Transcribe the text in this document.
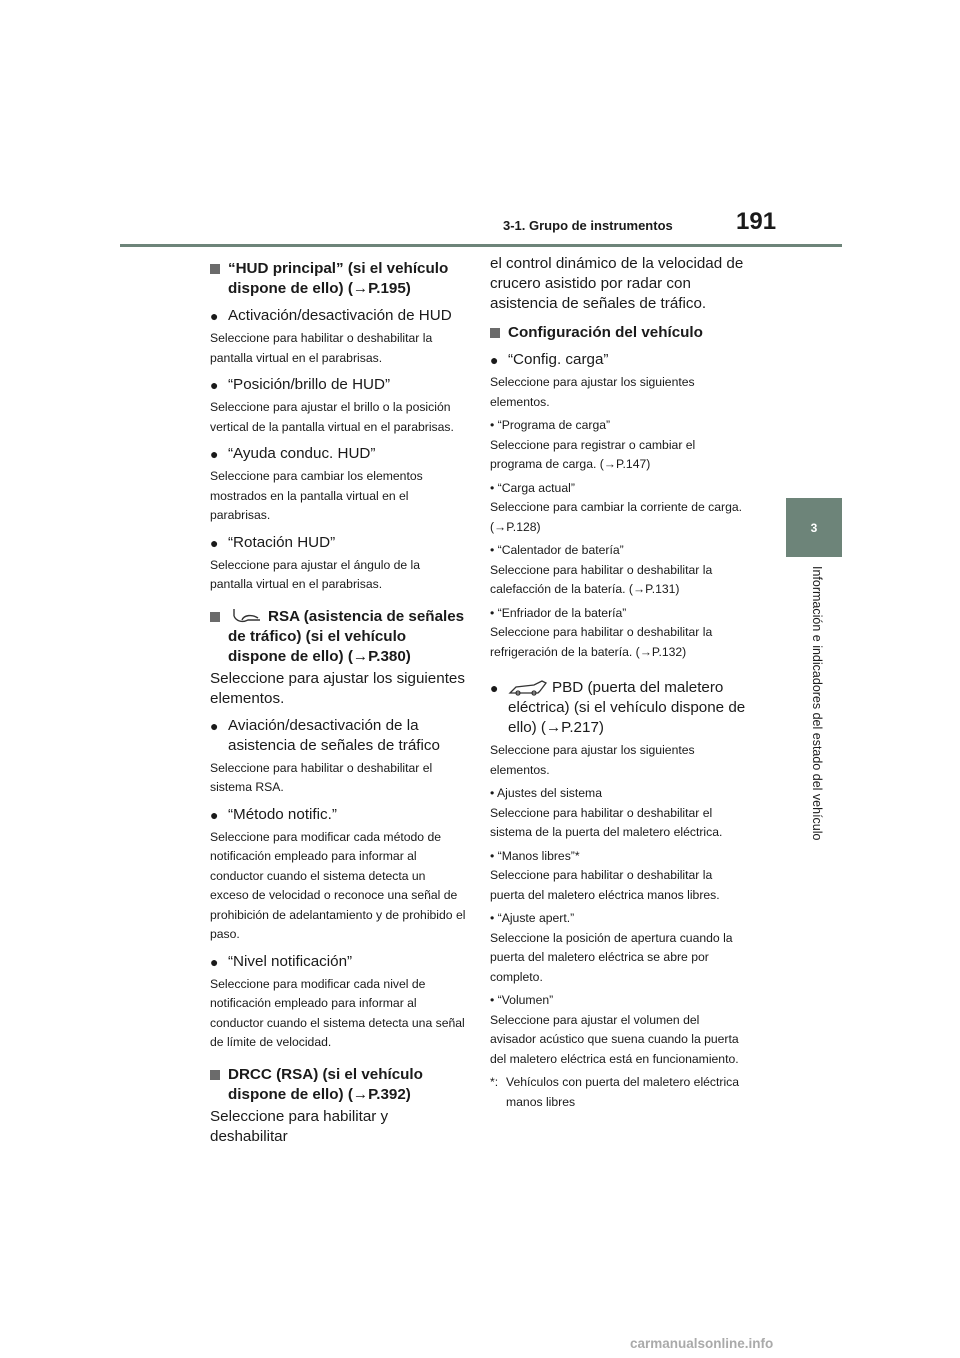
3-1. Grupo de instrumentos	191
3
Información e indicadores del estado del vehículo
“HUD principal” (si el vehículo dispone de ello) (→P.195)
● Activación/desactivación de HUD
Seleccione para habilitar o deshabilitar la pantalla virtual en el parabrisas.
● “Posición/brillo de HUD”
Seleccione para ajustar el brillo o la posición vertical de la pantalla virtual en el parabrisas.
● “Ayuda conduc. HUD”
Seleccione para cambiar los elementos mostrados en la pantalla virtual en el parabrisas.
● “Rotación HUD”
Seleccione para ajustar el ángulo de la pantalla virtual en el parabrisas.
RSA (asistencia de señales de tráfico) (si el vehículo dispone de ello) (→P.380)
Seleccione para ajustar los siguientes elementos.
● Aviación/desactivación de la asistencia de señales de tráfico
Seleccione para habilitar o deshabilitar el sistema RSA.
● “Método notific.”
Seleccione para modificar cada método de notificación empleado para informar al conductor cuando el sistema detecta un exceso de velocidad o reconoce una señal de prohibición de adelantamiento y de prohibido el paso.
● “Nivel notificación”
Seleccione para modificar cada nivel de notificación empleado para informar al conductor cuando el sistema detecta una señal de límite de velocidad.
DRCC (RSA) (si el vehículo dispone de ello) (→P.392)
Seleccione para habilitar y deshabilitar
el control dinámico de la velocidad de crucero asistido por radar con asistencia de señales de tráfico.
Configuración del vehículo
● “Config. carga”
Seleccione para ajustar los siguientes elementos.
• “Programa de carga”
Seleccione para registrar o cambiar el programa de carga. (→P.147)
• “Carga actual”
Seleccione para cambiar la corriente de carga. (→P.128)
• “Calentador de batería”
Seleccione para habilitar o deshabilitar la calefacción de la batería. (→P.131)
• “Enfriador de la batería”
Seleccione para habilitar o deshabilitar la refrigeración de la batería. (→P.132)
●	PBD (puerta del maletero eléctrica) (si el vehículo dispone de ello) (→P.217)
Seleccione para ajustar los siguientes elementos.
• Ajustes del sistema
Seleccione para habilitar o deshabilitar el sistema de la puerta del maletero eléctrica.
• “Manos libres”*
Seleccione para habilitar o deshabilitar la puerta del maletero eléctrica manos libres.
• “Ajuste apert.”
Seleccione la posición de apertura cuando la puerta del maletero eléctrica se abre por completo.
• “Volumen”
Seleccione para ajustar el volumen del avisador acústico que suena cuando la puerta del maletero eléctrica está en funcionamiento.
*: Vehículos con puerta del maletero eléctrica manos libres
carmanualsonline.info
